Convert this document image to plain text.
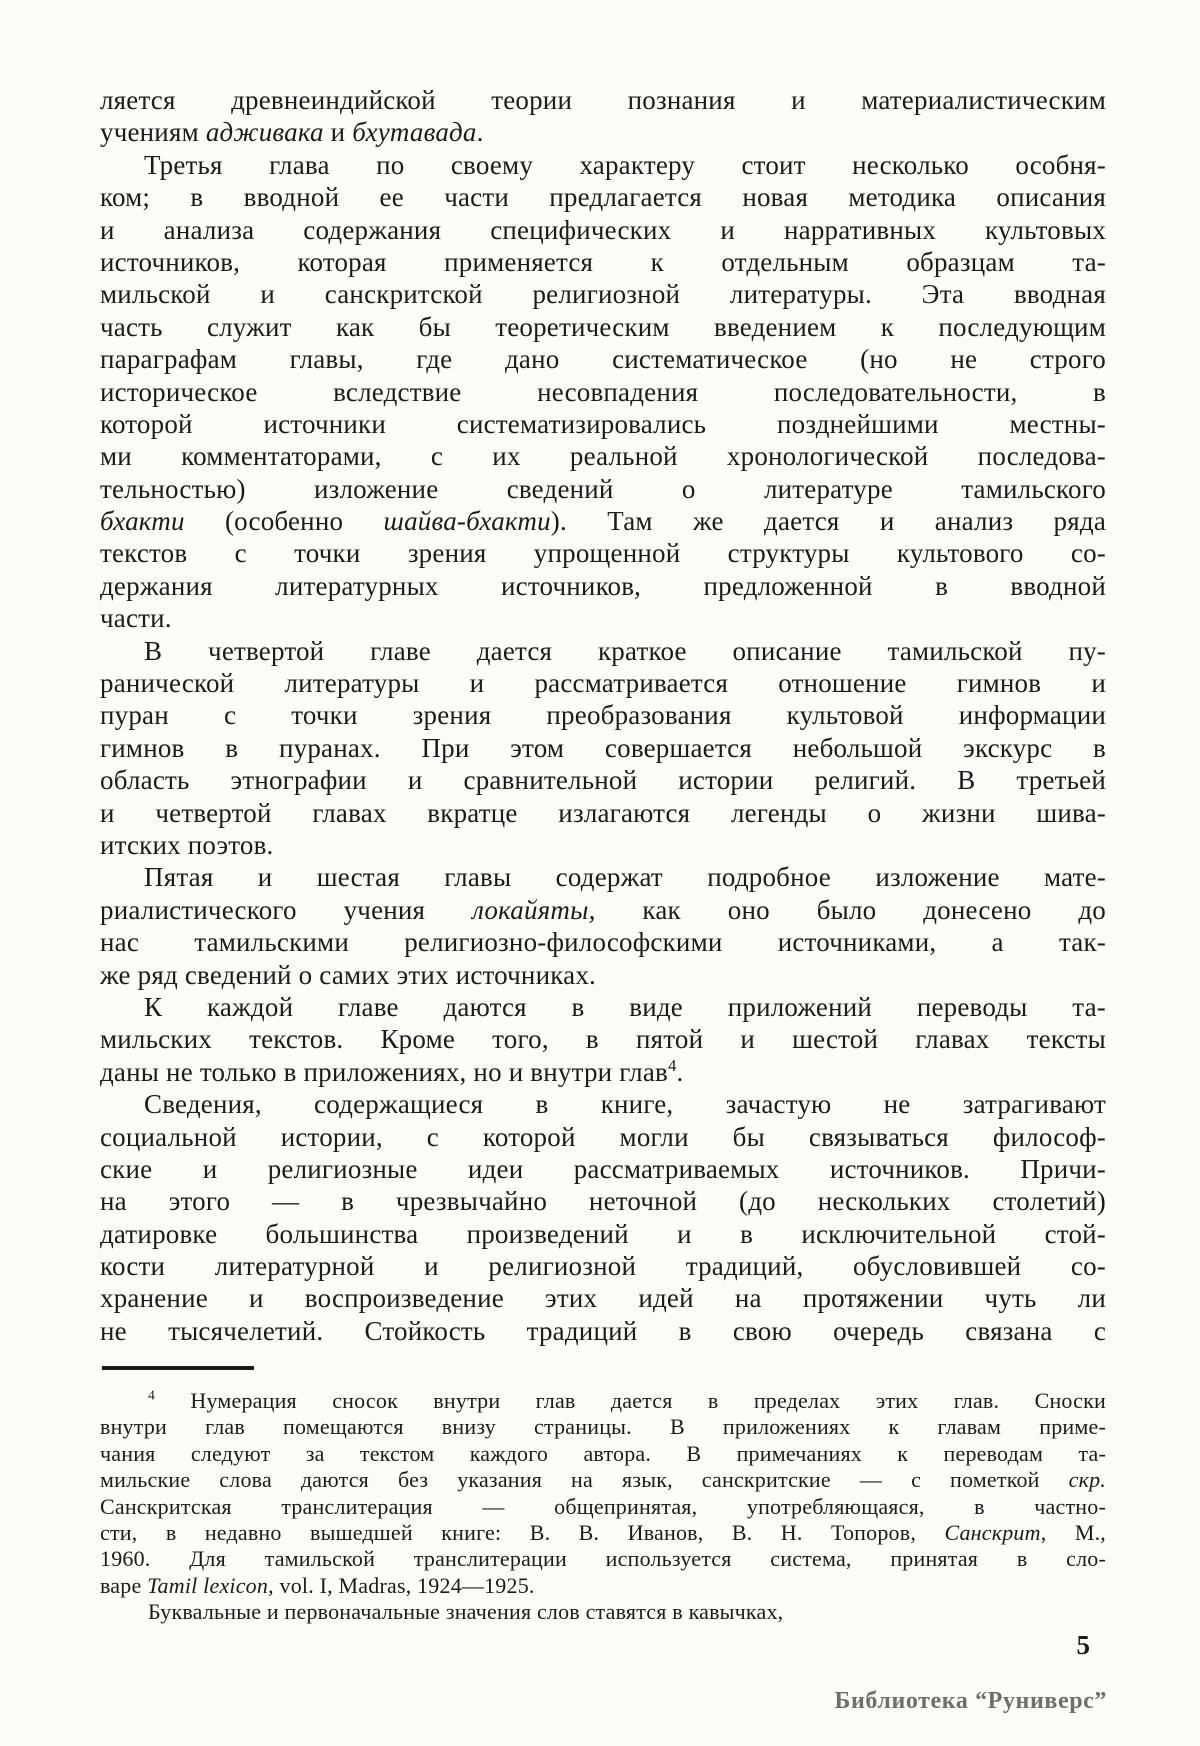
ляется древнеиндийской теории познания и материалистическим
учениям адживака и бхутавада.
Третья глава по своему характеру стоит несколько особня-
ком; в вводной ее части предлагается новая методика описания
и анализа содержания специфических и нарративных культовых
источников, которая применяется к отдельным образцам та-
мильской и санскритской религиозной литературы. Эта вводная
часть служит как бы теоретическим введением к последующим
параграфам главы, где дано систематическое (но не строго
историческое вследствие несовпадения последовательности, в
которой источники систематизировались позднейшими местны-
ми комментаторами, с их реальной хронологической последова-
тельностью) изложение сведений о литературе тамильского
бхакти (особенно шайва-бхакти). Там же дается и анализ ряда
текстов с точки зрения упрощенной структуры культового со-
держания литературных источников, предложенной в вводной
части.
В четвертой главе дается краткое описание тамильской пу-
ранической литературы и рассматривается отношение гимнов и
пуран с точки зрения преобразования культовой информации
гимнов в пуранах. При этом совершается небольшой экскурс в
область этнографии и сравнительной истории религий. В третьей
и четвертой главах вкратце излагаются легенды о жизни шива-
итских поэтов.
Пятая и шестая главы содержат подробное изложение мате-
риалистического учения локайяты, как оно было донесено до
нас тамильскими религиозно-философскими источниками, а так-
же ряд сведений о самих этих источниках.
К каждой главе даются в виде приложений переводы та-
мильских текстов. Кроме того, в пятой и шестой главах тексты
даны не только в приложениях, но и внутри глав$^4$.
Сведения, содержащиеся в книге, зачастую не затрагивают
социальной истории, с которой могли бы связываться философ-
ские и религиозные идеи рассматриваемых источников. Причи-
на этого — в чрезвычайно неточной (до нескольких столетий)
датировке большинства произведений и в исключительной стой-
кости литературной и религиозной традиций, обусловившей со-
хранение и воспроизведение этих идей на протяжении чуть ли
не тысячелетий. Стойкость традиций в свою очередь связана с
$^4$ Нумерация сносок внутри глав дается в пределах этих глав. Сноски
внутри глав помещаются внизу страницы. В приложениях к главам приме-
чания следуют за текстом каждого автора. В примечаниях к переводам та-
мильские слова даются без указания на язык, санскритские — с пометкой скр.
Санскритская транслитерация — общепринятая, употребляющаяся, в частно-
сти, в недавно вышедшей книге: В. В. Иванов, В. Н. Топоров, Санскрит, М.,
1960. Для тамильской транслитерации используется система, принятая в сло-
варе Tamil lexicon, vol. I, Madras, 1924—1925.
Буквальные и первоначальные значения слов ставятся в кавычках,
5
Библиотека “Руниверс”
